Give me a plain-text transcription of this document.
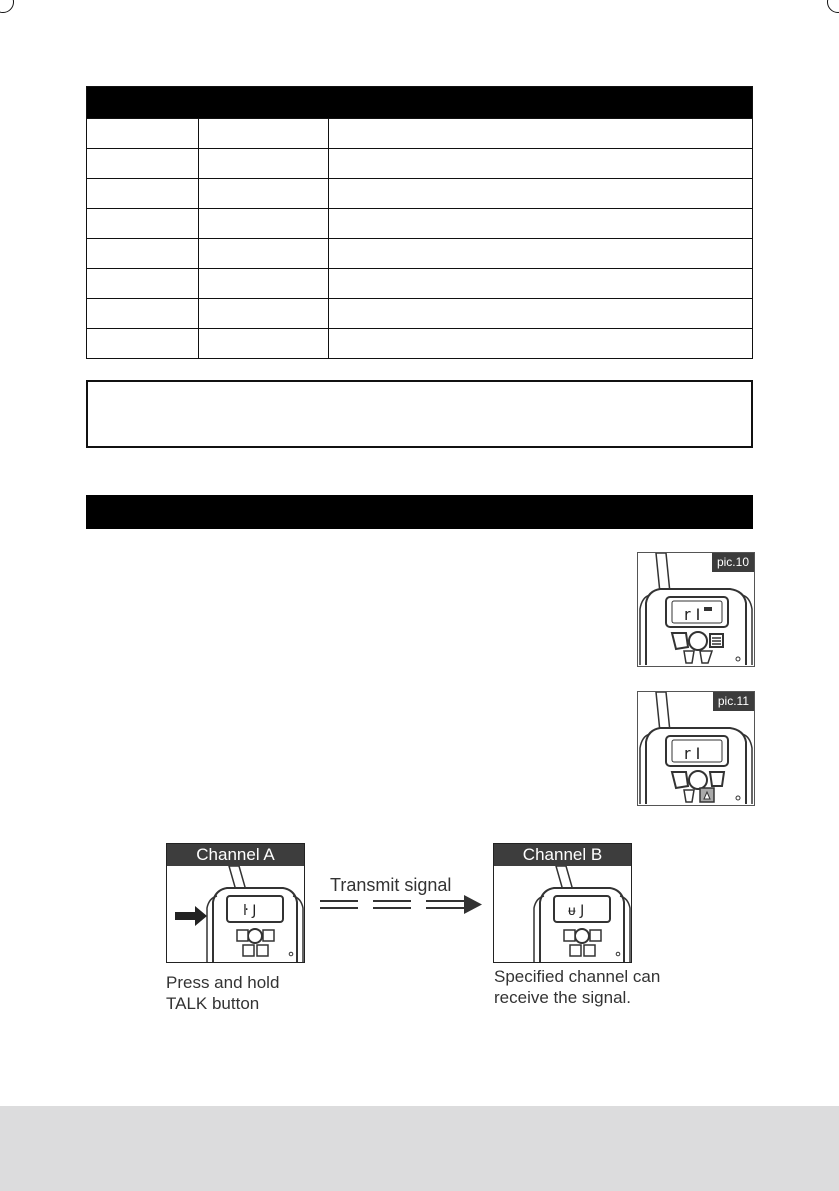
r I
pic.10
r I
pic.11
Channel A
ŀ J
Transmit signal
Channel B
ᵾ J
Press and hold
TALK button
Specified channel can
receive the signal.
